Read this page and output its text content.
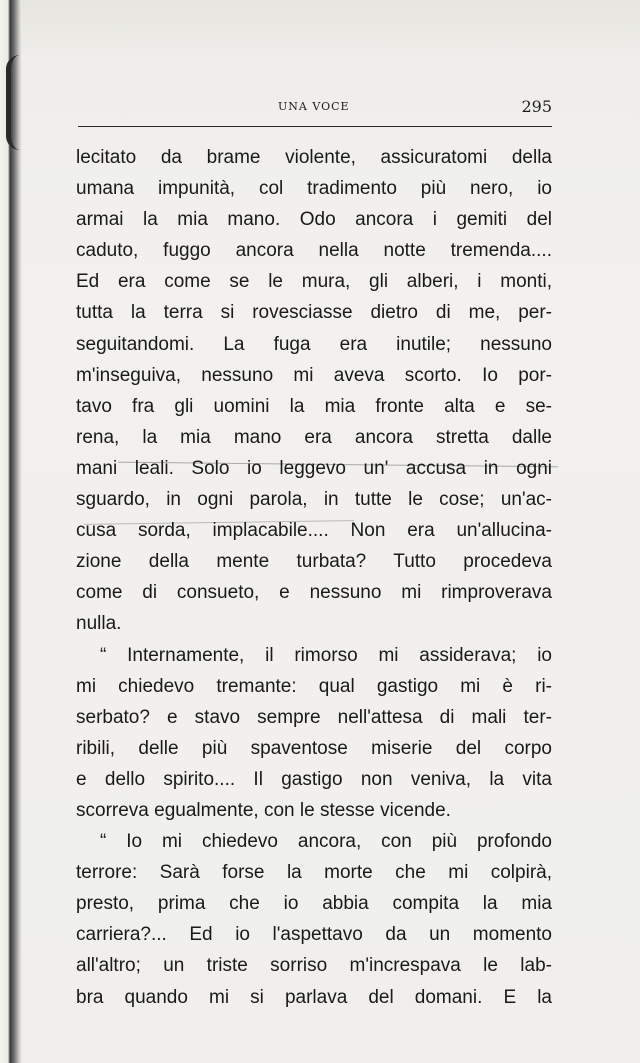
UNA VOCE	295
lecitato da brame violente, assicuratomi della
umana impunità, col tradimento più nero, io
armai la mia mano. Odo ancora i gemiti del
caduto, fuggo ancora nella notte tremenda....
Ed era come se le mura, gli alberi, i monti,
tutta la terra si rovesciasse dietro di me, per-
seguitandomi. La fuga era inutile; nessuno
m'inseguiva, nessuno mi aveva scorto. Io por-
tavo fra gli uomini la mia fronte alta e se-
rena, la mia mano era ancora stretta dalle
mani leali. Solo io leggevo un' accusa in ogni
sguardo, in ogni parola, in tutte le cose; un'ac-
cusa sorda, implacabile.... Non era un'allucina-
zione della mente turbata? Tutto procedeva
come di consueto, e nessuno mi rimproverava
nulla.
“ Internamente, il rimorso mi assiderava; io
mi chiedevo tremante: qual gastigo mi è ri-
serbato? e stavo sempre nell'attesa di mali ter-
ribili, delle più spaventose miserie del corpo
e dello spirito.... Il gastigo non veniva, la vita
scorreva egualmente, con le stesse vicende.
“ Io mi chiedevo ancora, con più profondo
terrore: Sarà forse la morte che mi colpirà,
presto, prima che io abbia compita la mia
carriera?... Ed io l'aspettavo da un momento
all'altro; un triste sorriso m'increspava le lab-
bra quando mi si parlava del domani. E la
